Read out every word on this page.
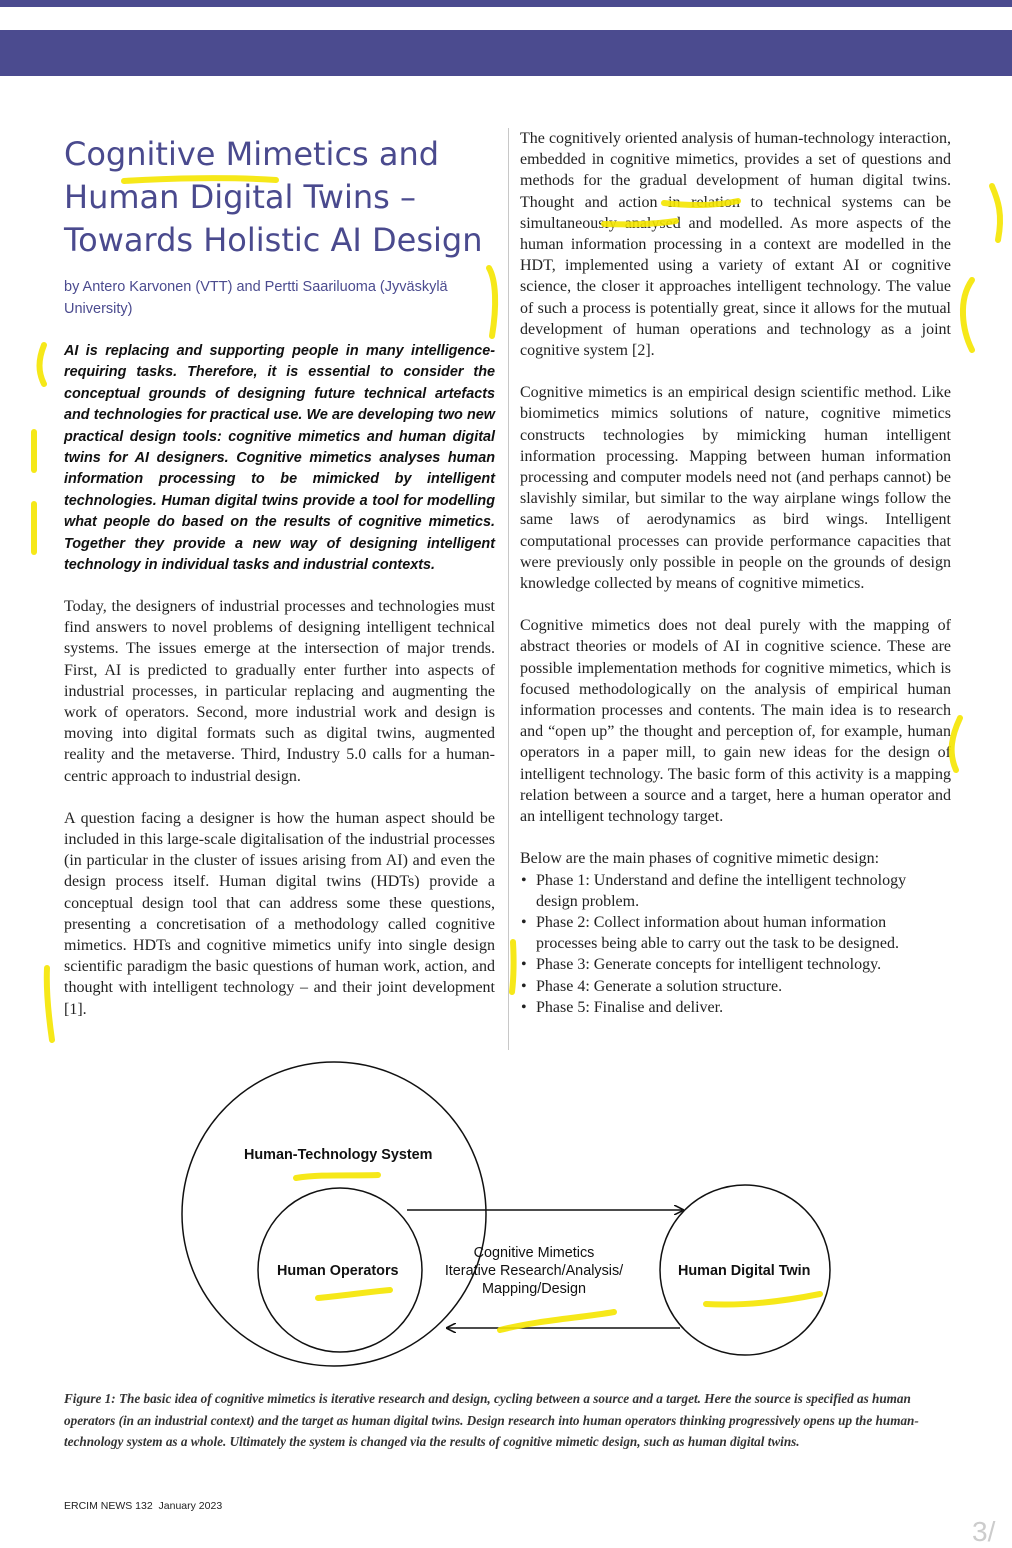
Cognitive Mimetics and Human Digital Twins – Towards Holistic AI Design

by Antero Karvonen (VTT) and Pertti Saariluoma (Jyväskylä University)

AI is replacing and supporting people in many intelligence-requiring tasks. Therefore, it is essential to consider the conceptual grounds of designing future technical artefacts and technologies for practical use. We are developing two new practical design tools: cognitive mimetics and human digital twins for AI designers. Cognitive mimetics analyses human information processing to be mimicked by intelligent technologies. Human digital twins provide a tool for modelling what people do based on the results of cognitive mimetics. Together they provide a new way of designing intelligent technology in individual tasks and industrial contexts.

Today, the designers of industrial processes and technologies must find answers to novel problems of designing intelligent technical systems. The issues emerge at the intersection of major trends. First, AI is predicted to gradually enter further into aspects of industrial processes, in particular replacing and augmenting the work of operators. Second, more industrial work and design is moving into digital formats such as digital twins, augmented reality and the metaverse. Third, Industry 5.0 calls for a human-centric approach to industrial design.

A question facing a designer is how the human aspect should be included in this large-scale digitalisation of the industrial processes (in particular in the cluster of issues arising from AI) and even the design process itself. Human digital twins (HDTs) provide a conceptual design tool that can address some these questions, presenting a concretisation of a methodology called cognitive mimetics. HDTs and cognitive mimetics unify into single design scientific paradigm the basic questions of human work, action, and thought with intelligent technology – and their joint development [1].

The cognitively oriented analysis of human-technology interaction, embedded in cognitive mimetics, provides a set of questions and methods for the gradual development of human digital twins. Thought and action in relation to technical systems can be simultaneously analysed and modelled. As more aspects of the human information processing in a context are modelled in the HDT, implemented using a variety of extant AI or cognitive science, the closer it approaches intelligent technology. The value of such a process is potentially great, since it allows for the mutual development of human operations and technology as a joint cognitive system [2].

Cognitive mimetics is an empirical design scientific method. Like biomimetics mimics solutions of nature, cognitive mimetics constructs technologies by mimicking human intelligent information processing. Mapping between human information processing and computer models need not (and perhaps cannot) be slavishly similar, but similar to the way airplane wings follow the same laws of aerodynamics as bird wings. Intelligent computational processes can provide performance capacities that were previously only possible in people on the grounds of design knowledge collected by means of cognitive mimetics.

Cognitive mimetics does not deal purely with the mapping of abstract theories or models of AI in cognitive science. These are possible implementation methods for cognitive mimetics, which is focused methodologically on the analysis of empirical human information processes and contents. The main idea is to research and “open up” the thought and perception of, for example, human operators in a paper mill, to gain new ideas for the design of intelligent technology. The basic form of this activity is a mapping relation between a source and a target, here a human operator and an intelligent technology target.

Below are the main phases of cognitive mimetic design:
• Phase 1: Understand and define the intelligent technology design problem.
• Phase 2: Collect information about human information processes being able to carry out the task to be designed.
• Phase 3: Generate concepts for intelligent technology.
• Phase 4: Generate a solution structure.
• Phase 5: Finalise and deliver.
Human-Technology System
Human Operators
Cognitive Mimetics
Iterative Research/Analysis/
Mapping/Design
Human Digital Twin

Figure 1: The basic idea of cognitive mimetics is iterative research and design, cycling between a source and a target. Here the source is specified as human operators (in an industrial context) and the target as human digital twins. Design research into human operators thinking progressively opens up the human-technology system as a whole. Ultimately the system is changed via the results of cognitive mimetic design, such as human digital twins.

ERCIM NEWS 132 January 2023
3/
